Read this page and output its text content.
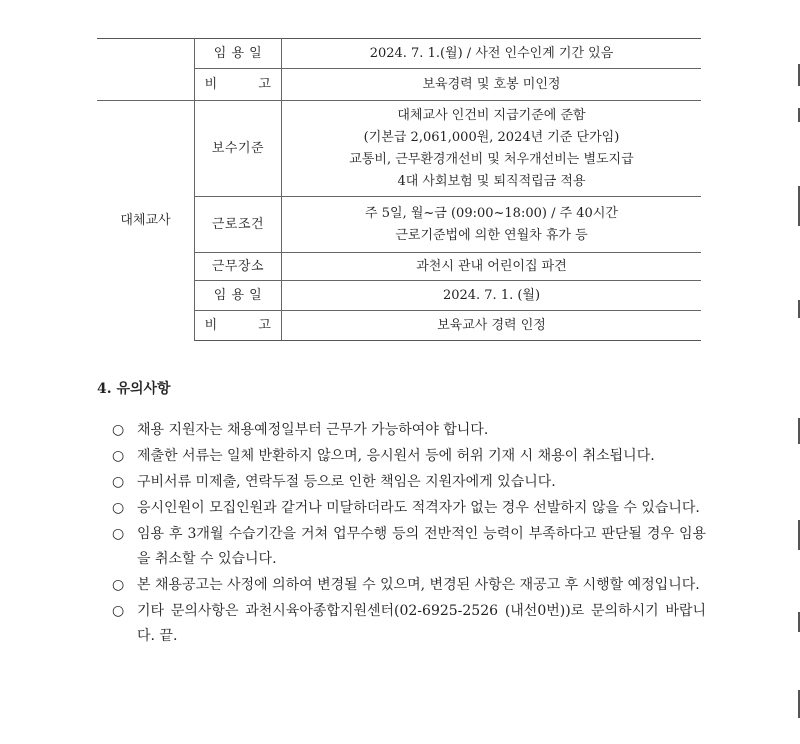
	임 용 일	2024. 7. 1.(월) / 사전 인수인계 기간 있음

	비 고	보육경력 및 호봉 미인정

대체교사	보수기준	대체교사 인건비 지급기준에 준함
(기본급 2,061,000원, 2024년 기준 단가임)
교통비, 근무환경개선비 및 처우개선비는 별도지급
4대 사회보험 및 퇴직적립금 적용

	근로조건	주 5일, 월~금 (09:00~18:00) / 주 40시간
근로기준법에 의한 연월차 휴가 등

	근무장소	과천시 관내 어린이집 파견

	임 용 일	2024. 7. 1. (월)

	비 고	보육교사 경력 인정
4. 유의사항
○ 채용 지원자는 채용예정일부터 근무가 가능하여야 합니다.
○ 제출한 서류는 일체 반환하지 않으며, 응시원서 등에 허위 기재 시 채용이 취소됩니다.
○ 구비서류 미제출, 연락두절 등으로 인한 책임은 지원자에게 있습니다.
○ 응시인원이 모집인원과 같거나 미달하더라도 적격자가 없는 경우 선발하지 않을 수 있습니다.
○ 임용 후 3개월 수습기간을 거쳐 업무수행 등의 전반적인 능력이 부족하다고 판단될 경우 임용을 취소할 수 있습니다.
○ 본 채용공고는 사정에 의하여 변경될 수 있으며, 변경된 사항은 재공고 후 시행할 예정입니다.
○ 기타 문의사항은 과천시육아종합지원센터(02-6925-2526 (내선0번))로 문의하시기 바랍니다. 끝.
